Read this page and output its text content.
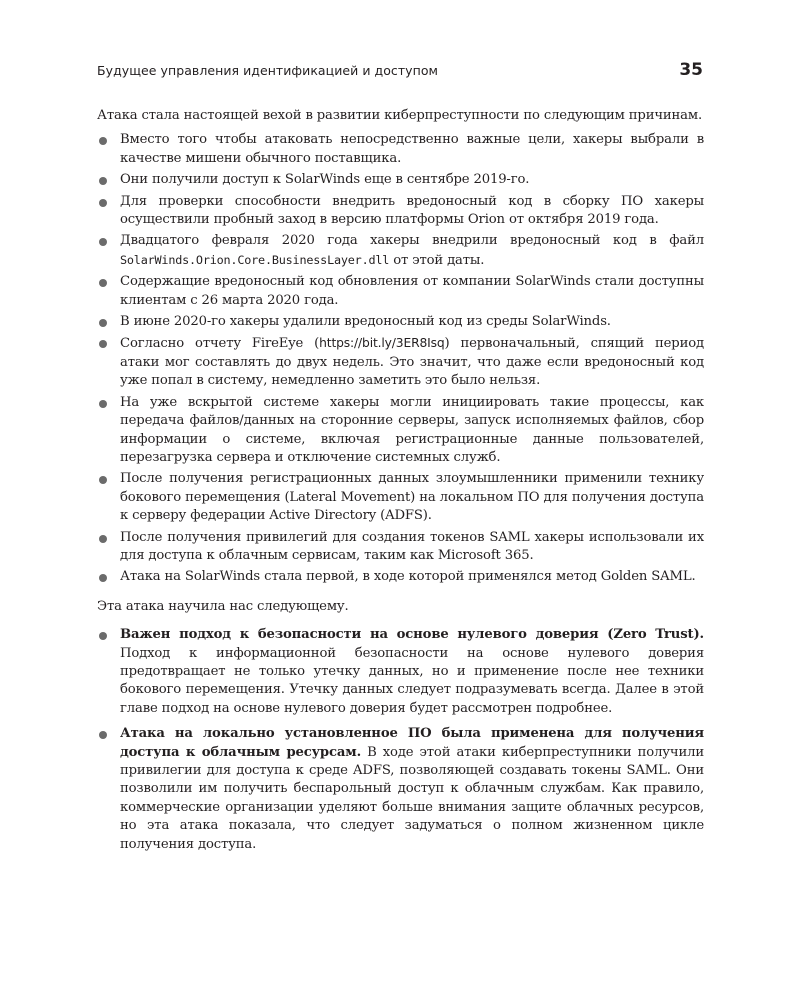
Будущее управления идентификацией и доступом	35

Атака стала настоящей вехой в развитии киберпреступности по следующим причинам.

Вместо того чтобы атаковать непосредственно важные цели, хакеры выбрали в качестве мишени обычного поставщика.
Они получили доступ к SolarWinds еще в сентябре 2019-го.
Для проверки способности внедрить вредоносный код в сборку ПО хакеры осуществили пробный заход в версию платформы Orion от октября 2019 года.
Двадцатого февраля 2020 года хакеры внедрили вредоносный код в файл SolarWinds.Orion.Core.BusinessLayer.dll от этой даты.
Содержащие вредоносный код обновления от компании SolarWinds стали доступны клиентам с 26 марта 2020 года.
В июне 2020-го хакеры удалили вредоносный код из среды SolarWinds.
Согласно отчету FireEye (https://bit.ly/3ER8Isq) первоначальный, спящий период атаки мог составлять до двух недель. Это значит, что даже если вредоносный код уже попал в систему, немедленно заметить это было нельзя.
На уже вскрытой системе хакеры могли инициировать такие процессы, как передача файлов/данных на сторонние серверы, запуск исполняемых файлов, сбор информации о системе, включая регистрационные данные пользователей, перезагрузка сервера и отключение системных служб.
После получения регистрационных данных злоумышленники применили технику бокового перемещения (Lateral Movement) на локальном ПО для получения доступа к серверу федерации Active Directory (ADFS).
После получения привилегий для создания токенов SAML хакеры использовали их для доступа к облачным сервисам, таким как Microsoft 365.
Атака на SolarWinds стала первой, в ходе которой применялся метод Golden SAML.

Эта атака научила нас следующему.

Важен подход к безопасности на основе нулевого доверия (Zero Trust). Подход к информационной безопасности на основе нулевого доверия предотвращает не только утечку данных, но и применение после нее техники бокового перемещения. Утечку данных следует подразумевать всегда. Далее в этой главе подход на основе нулевого доверия будет рассмотрен подробнее.
Атака на локально установленное ПО была применена для получения доступа к облачным ресурсам. В ходе этой атаки киберпреступники получили привилегии для доступа к среде ADFS, позволяющей создавать токены SAML. Они позволили им получить беспарольный доступ к облачным службам. Как правило, коммерческие организации уделяют больше внимания защите облачных ресурсов, но эта атака показала, что следует задуматься о полном жизненном цикле получения доступа.
